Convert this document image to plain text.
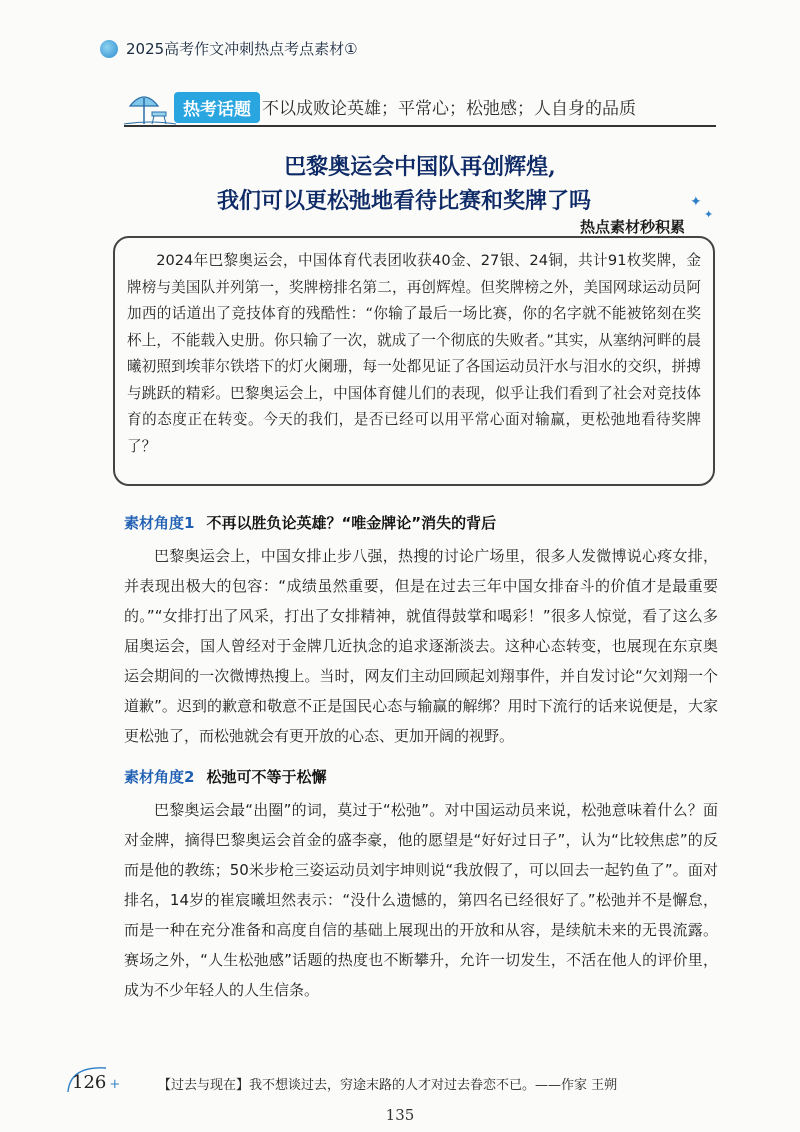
2025高考作文冲刺热点考点素材①
热考话题 不以成败论英雄；平常心；松弛感；人自身的品质
巴黎奥运会中国队再创辉煌,
我们可以更松弛地看待比赛和奖牌了吗	✦
✦
热点素材秒积累

2024年巴黎奥运会，中国体育代表团收获40金、27银、24铜，共计91枚奖牌，金牌榜与美国队并列第一，奖牌榜排名第二，再创辉煌。但奖牌榜之外，美国网球运动员阿加西的话道出了竞技体育的残酷性：“你输了最后一场比赛，你的名字就不能被铭刻在奖杯上，不能载入史册。你只输了一次，就成了一个彻底的失败者。”其实，从塞纳河畔的晨曦初照到埃菲尔铁塔下的灯火阑珊，每一处都见证了各国运动员汗水与泪水的交织，拼搏与跳跃的精彩。巴黎奥运会上，中国体育健儿们的表现，似乎让我们看到了社会对竞技体育的态度正在转变。今天的我们，是否已经可以用平常心面对输赢，更松弛地看待奖牌了？

素材角度1 不再以胜负论英雄？“唯金牌论”消失的背后

巴黎奥运会上，中国女排止步八强，热搜的讨论广场里，很多人发微博说心疼女排，并表现出极大的包容：“成绩虽然重要，但是在过去三年中国女排奋斗的价值才是最重要的。”“女排打出了风采，打出了女排精神，就值得鼓掌和喝彩！”很多人惊觉，看了这么多届奥运会，国人曾经对于金牌几近执念的追求逐渐淡去。这种心态转变，也展现在东京奥运会期间的一次微博热搜上。当时，网友们主动回顾起刘翔事件，并自发讨论“欠刘翔一个道歉”。迟到的歉意和敬意不正是国民心态与输赢的解绑？用时下流行的话来说便是，大家更松弛了，而松弛就会有更开放的心态、更加开阔的视野。

素材角度2 松弛可不等于松懈

巴黎奥运会最“出圈”的词，莫过于“松弛”。对中国运动员来说，松弛意味着什么？面对金牌，摘得巴黎奥运会首金的盛李豪，他的愿望是“好好过日子”，认为“比较焦虑”的反而是他的教练；50米步枪三姿运动员刘宇坤则说“我放假了，可以回去一起钓鱼了”。面对排名，14岁的崔宸曦坦然表示：“没什么遗憾的，第四名已经很好了。”松弛并不是懈怠，而是一种在充分准备和高度自信的基础上展现出的开放和从容，是续航未来的无畏流露。赛场之外，“人生松弛感”话题的热度也不断攀升，允许一切发生，不活在他人的评价里，成为不少年轻人的人生信条。

126 +	【过去与现在】我不想谈过去，穷途末路的人才对过去眷恋不已。——作家 王朔
135
